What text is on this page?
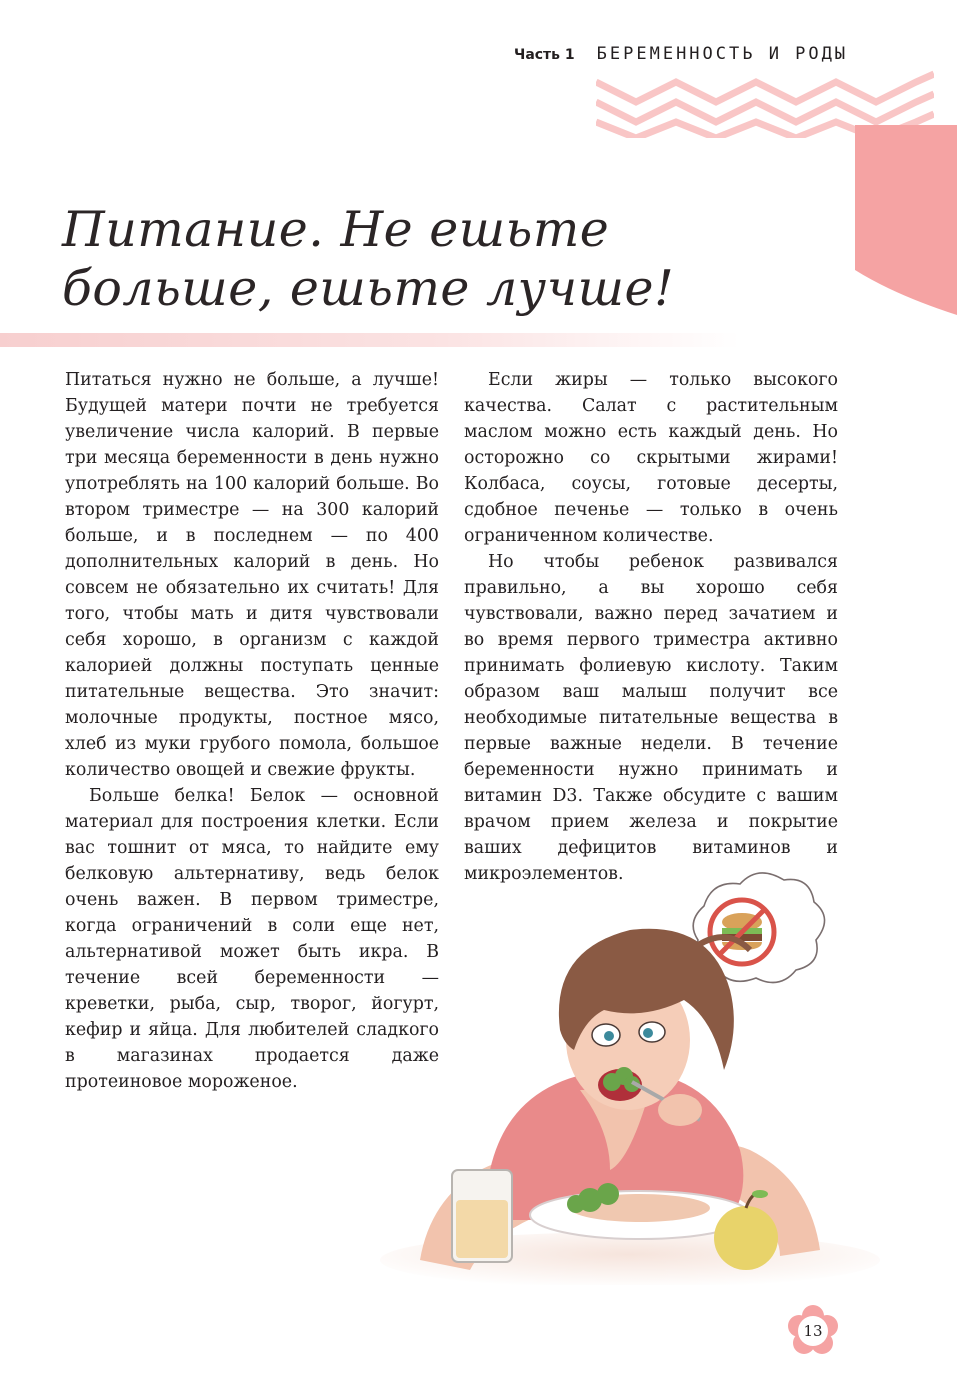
Часть 1 БЕРЕМЕННОСТЬ И РОДЫ
Питание. Не ешьте
больше, ешьте лучше!

Питаться нужно не больше, а лучше! Будущей матери почти не требуется увеличение числа калорий. В первые три месяца беременности в день нужно употреблять на 100 калорий больше. Во втором триместре — на 300 калорий больше, и в последнем — по 400 дополнительных калорий в день. Но совсем не обязательно их считать! Для того, чтобы мать и дитя чувствовали себя хорошо, в организм с каждой калорией должны поступать ценные питательные вещества. Это значит: молочные продукты, постное мясо, хлеб из муки грубого помола, большое количество овощей и свежие фрукты.

Больше белка! Белок — основной материал для построения клетки. Если вас тошнит от мяса, то найдите ему белковую альтернативу, ведь белок очень важен. В первом триместре, когда ограничений в соли еще нет, альтернативой может быть икра. В течение всей беременности — креветки, рыба, сыр, творог, йогурт, кефир и яйца. Для любителей сладкого в магазинах продается даже протеиновое мороженое.

Если жиры — только высокого качества. Салат с растительным маслом можно есть каждый день. Но осторожно со скрытыми жирами! Колбаса, соусы, готовые десерты, сдобное печенье — только в очень ограниченном количестве.

Но чтобы ребенок развивался правильно, а вы хорошо себя чувствовали, важно перед зачатием и во время первого триместра активно принимать фолиевую кислоту. Таким образом ваш малыш получит все необходимые питательные вещества в первые важные недели. В течение беременности нужно принимать и витамин D3. Также обсудите с вашим врачом прием железа и покрытие ваших дефицитов витаминов и микроэлементов.

13
